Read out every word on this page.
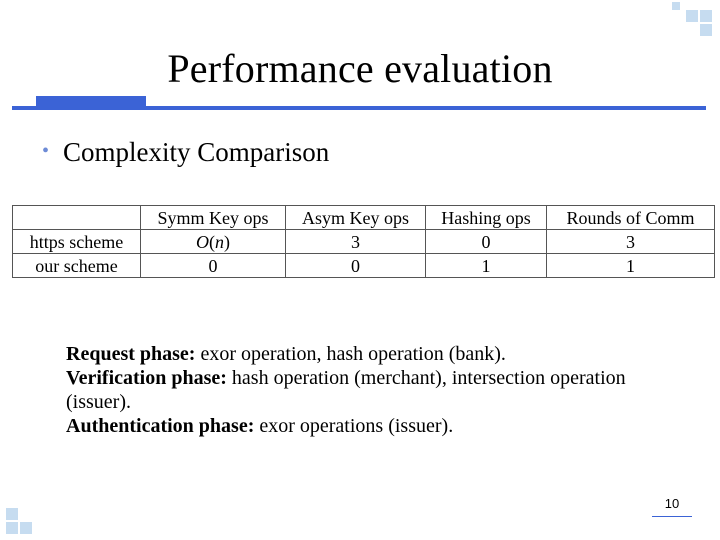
Performance evaluation
• Complexity Comparison
	Symm Key ops	Asym Key ops	Hashing ops	Rounds of Comm
https scheme	O(n)	3	0	3
our scheme	0	0	1	1
Request phase: exor operation, hash operation (bank).
Verification phase: hash operation (merchant), intersection operation (issuer).
Authentication phase: exor operations (issuer).
10
